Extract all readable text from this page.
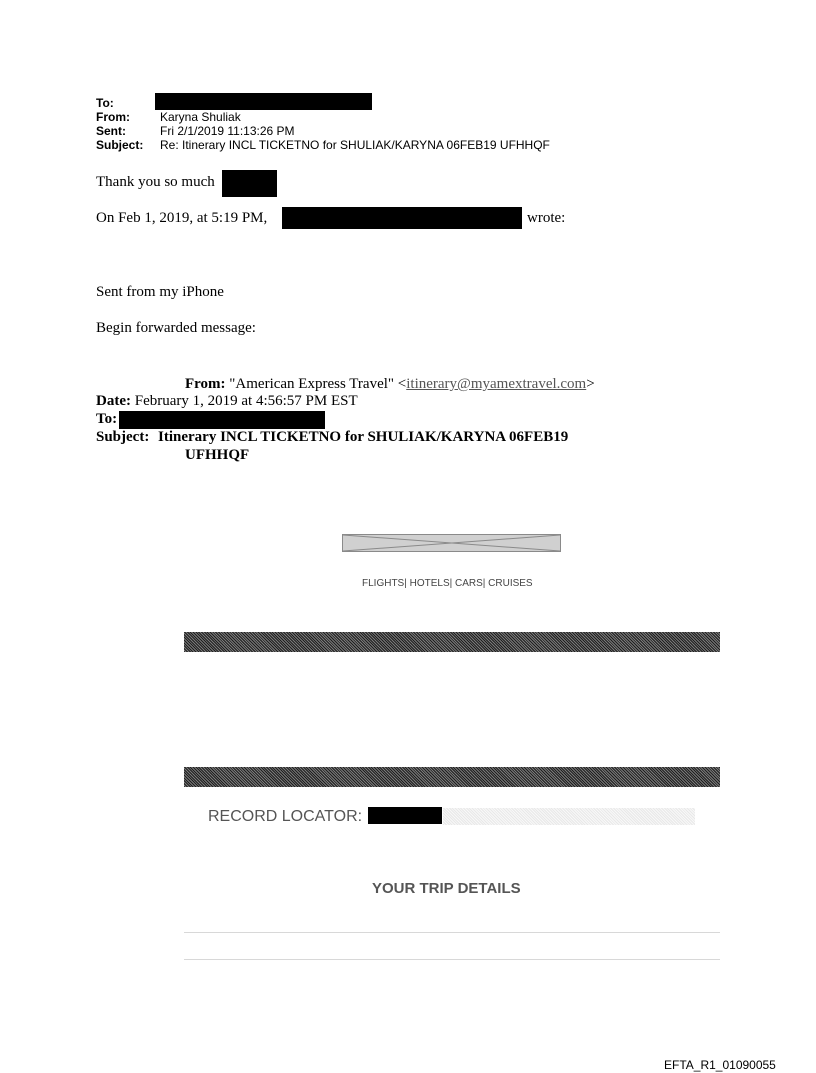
To:
From:	Karyna Shuliak
Sent:	Fri 2/1/2019 11:13:26 PM
Subject: Re: Itinerary INCL TICKETNO for SHULIAK/KARYNA 06FEB19 UFHHQF
Thank you so much
On Feb 1, 2019, at 5:19 PM,	wrote:
Sent from my iPhone
Begin forwarded message:
From: "American Express Travel" <itinerary@myamextravel.com>
Date: February 1, 2019 at 4:56:57 PM EST
To:
Subject: Itinerary INCL TICKETNO for SHULIAK/KARYNA 06FEB19
UFHHQF
FLIGHTS| HOTELS| CARS| CRUISES
RECORD LOCATOR:
YOUR TRIP DETAILS
EFTA_R1_01090055
